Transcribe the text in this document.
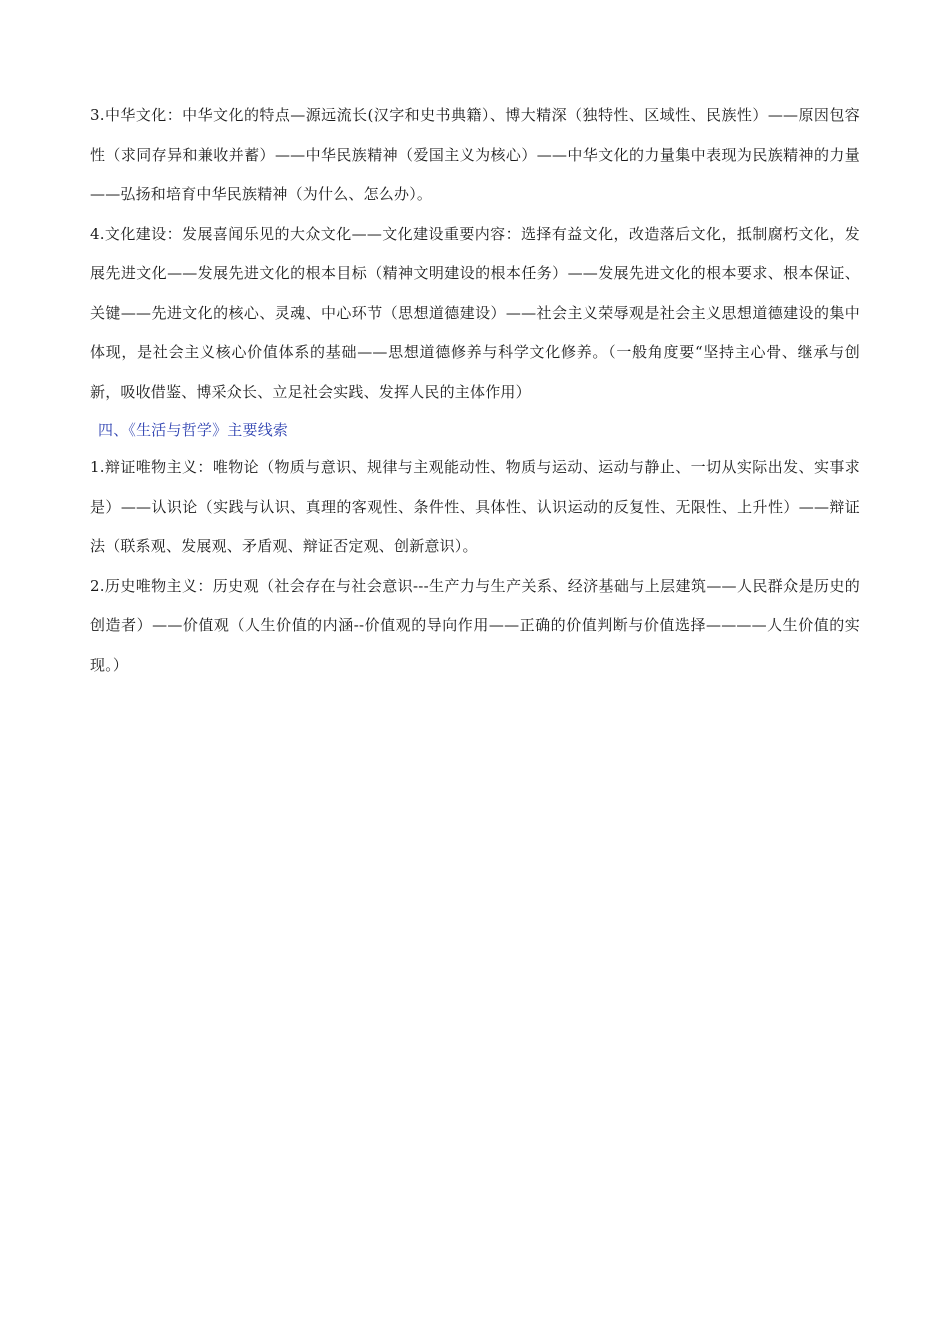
3.中华文化：中华文化的特点—源远流长(汉字和史书典籍）、博大精深（独特性、区域性、民族性）——原因包容性（求同存异和兼收并蓄）——中华民族精神（爱国主义为核心）——中华文化的力量集中表现为民族精神的力量——弘扬和培育中华民族精神（为什么、怎么办）。

4.文化建设：发展喜闻乐见的大众文化——文化建设重要内容：选择有益文化，改造落后文化，抵制腐朽文化，发展先进文化——发展先进文化的根本目标（精神文明建设的根本任务）——发展先进文化的根本要求、根本保证、关键——先进文化的核心、灵魂、中心环节（思想道德建设）——社会主义荣辱观是社会主义思想道德建设的集中体现，是社会主义核心价值体系的基础——思想道德修养与科学文化修养。（一般角度要“坚持主心骨、继承与创新，吸收借鉴、博采众长、立足社会实践、发挥人民的主体作用）

四、《生活与哲学》主要线索

1.辩证唯物主义：唯物论（物质与意识、规律与主观能动性、物质与运动、运动与静止、一切从实际出发、实事求是）——认识论（实践与认识、真理的客观性、条件性、具体性、认识运动的反复性、无限性、上升性）——辩证法（联系观、发展观、矛盾观、辩证否定观、创新意识）。

2.历史唯物主义：历史观（社会存在与社会意识---生产力与生产关系、经济基础与上层建筑——人民群众是历史的创造者）——价值观（人生价值的内涵--价值观的导向作用——正确的价值判断与价值选择————人生价值的实现。）
